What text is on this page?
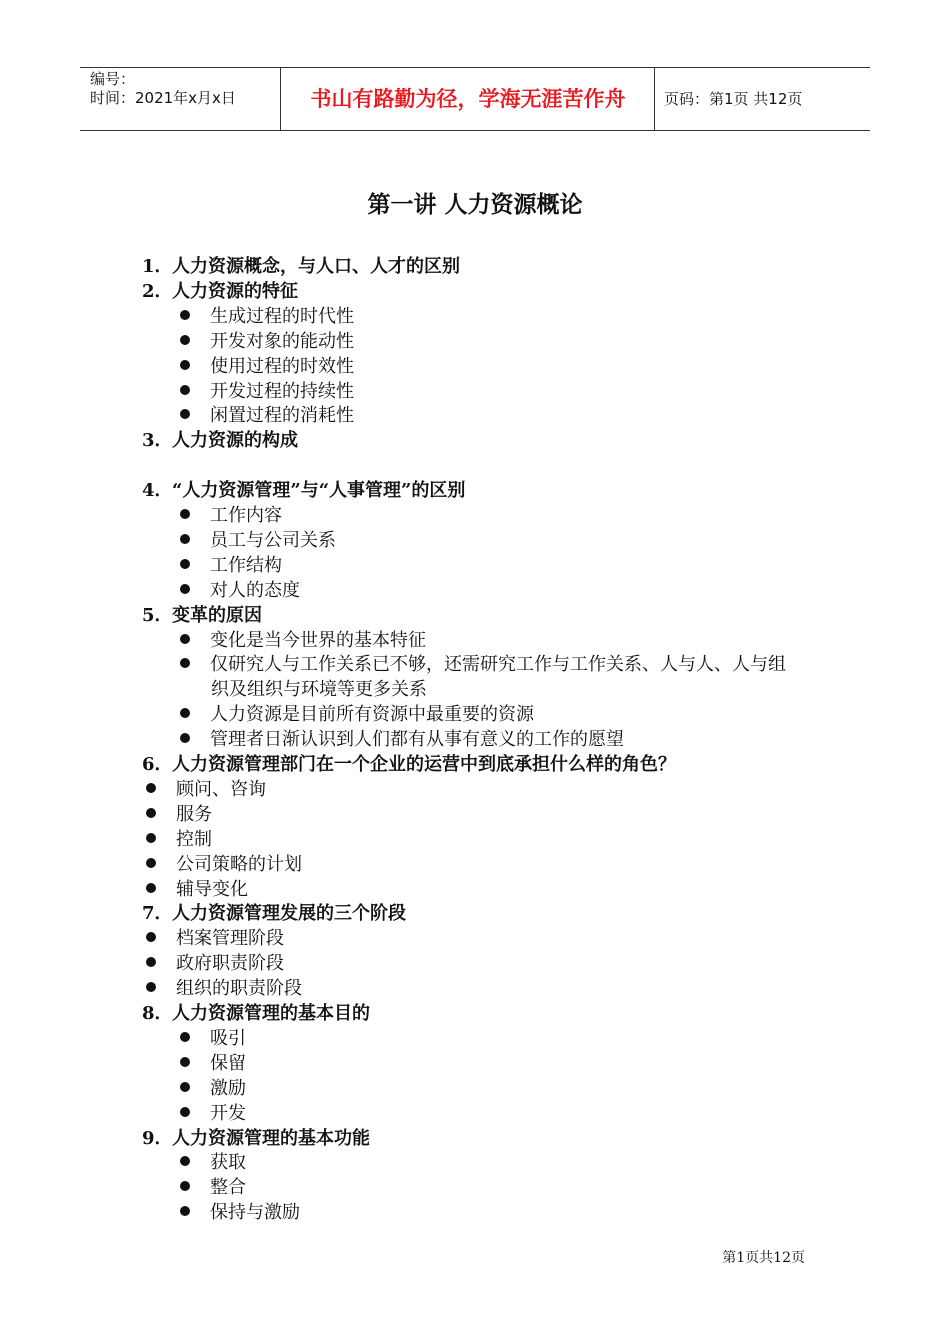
编号：
时间：2021年x月x日	书山有路勤为径，学海无涯苦作舟	页码：第1页 共12页
第一讲 人力资源概论
1．人力资源概念，与人口、人才的区别
2．人力资源的特征
生成过程的时代性
开发对象的能动性
使用过程的时效性
开发过程的持续性
闲置过程的消耗性
3．人力资源的构成
4．“人力资源管理”与“人事管理”的区别
工作内容
员工与公司关系
工作结构
对人的态度
5．变革的原因
变化是当今世界的基本特征
仅研究人与工作关系已不够，还需研究工作与工作关系、人与人、人与组
织及组织与环境等更多关系
人力资源是目前所有资源中最重要的资源
管理者日渐认识到人们都有从事有意义的工作的愿望
6．人力资源管理部门在一个企业的运营中到底承担什么样的角色？
顾问、咨询
服务
控制
公司策略的计划
辅导变化
7．人力资源管理发展的三个阶段
档案管理阶段
政府职责阶段
组织的职责阶段
8．人力资源管理的基本目的
吸引
保留
激励
开发
9．人力资源管理的基本功能
获取
整合
保持与激励
第1页共12页
